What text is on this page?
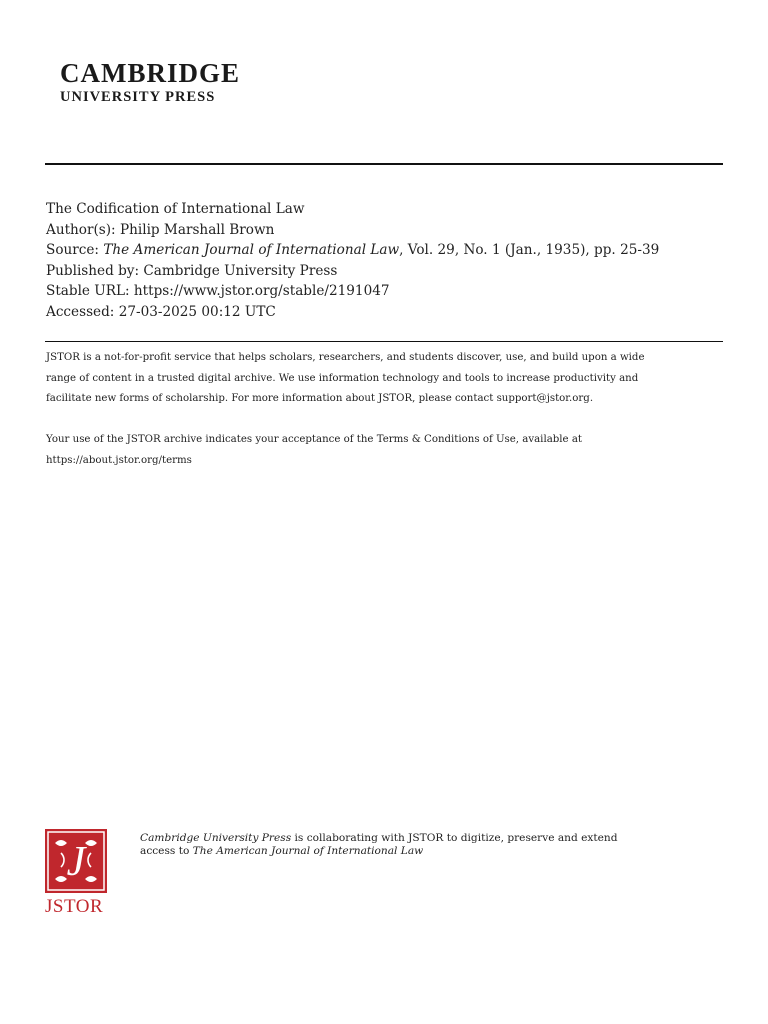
CAMBRIDGE
UNIVERSITY PRESS
The Codification of International Law
Author(s): Philip Marshall Brown
Source: The American Journal of International Law, Vol. 29, No. 1 (Jan., 1935), pp. 25-39
Published by: Cambridge University Press
Stable URL: https://www.jstor.org/stable/2191047
Accessed: 27-03-2025 00:12 UTC

JSTOR is a not-for-profit service that helps scholars, researchers, and students discover, use, and build upon a wide

range of content in a trusted digital archive. We use information technology and tools to increase productivity and

facilitate new forms of scholarship. For more information about JSTOR, please contact support@jstor.org.

Your use of the JSTOR archive indicates your acceptance of the Terms & Conditions of Use, available at

https://about.jstor.org/terms

J
JSTOR
Cambridge University Press is collaborating with JSTOR to digitize, preserve and extend
access to The American Journal of International Law
